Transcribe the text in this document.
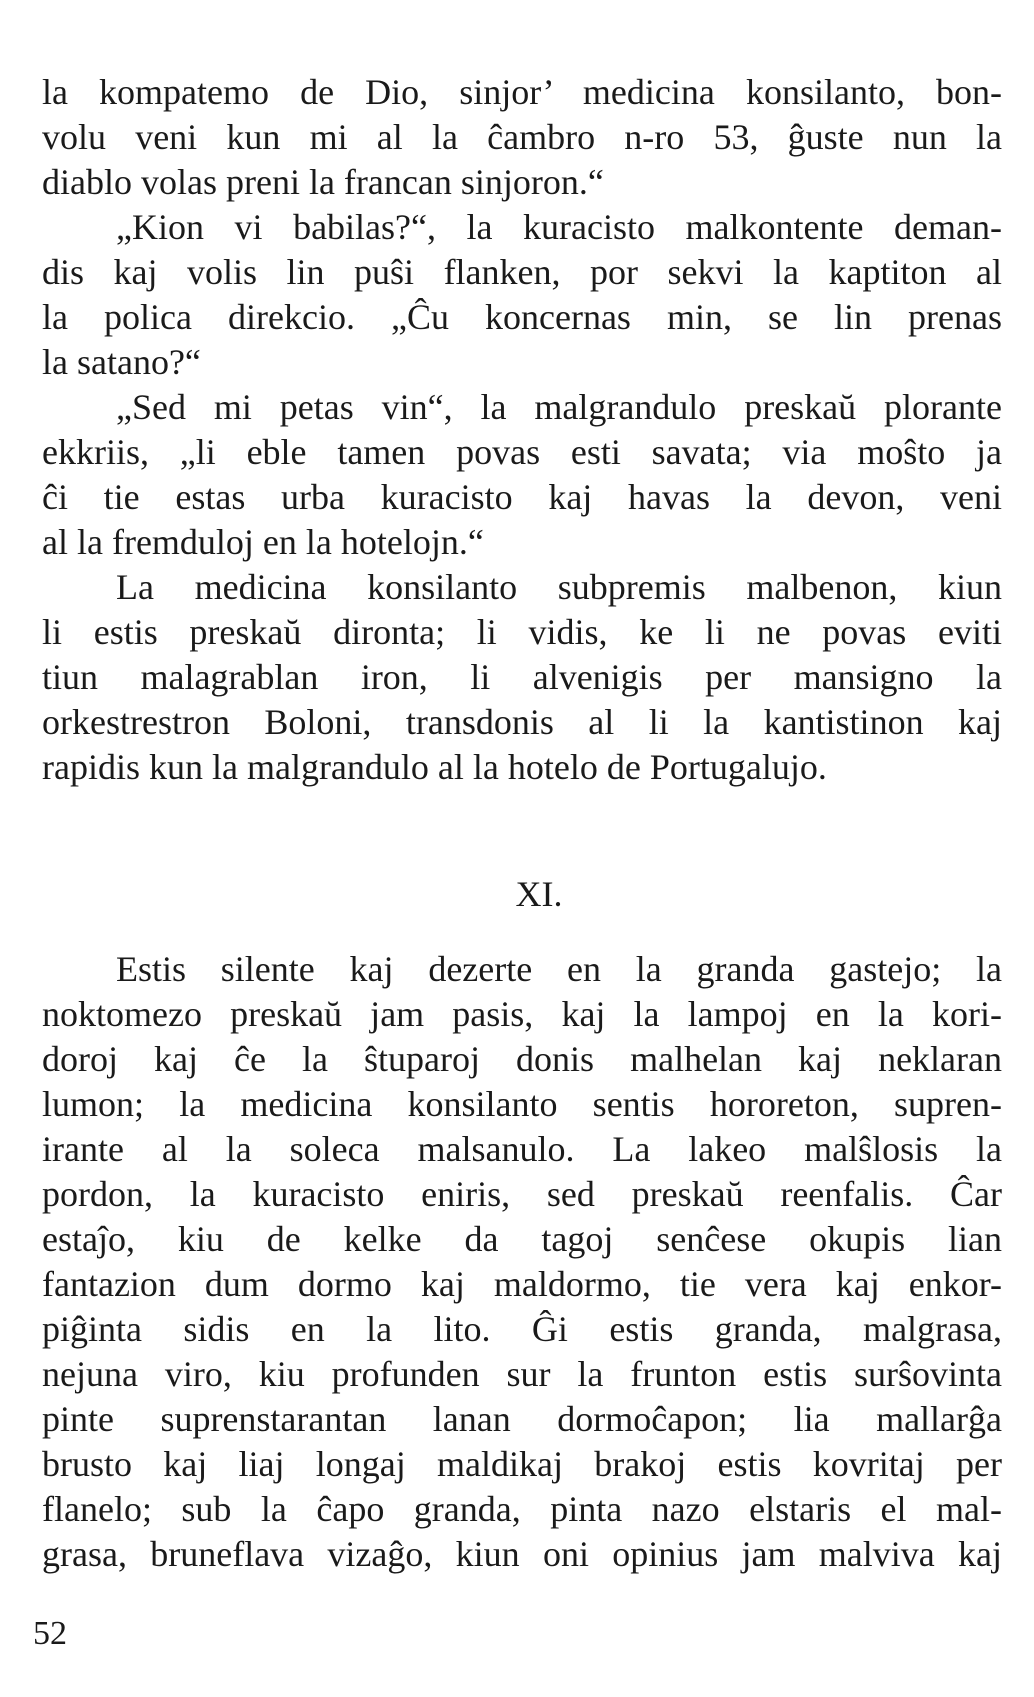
la kompatemo de Dio, sinjor’ medicina konsilanto, bon-
volu veni kun mi al la ĉambro n-ro 53, ĝuste nun la
diablo volas preni la francan sinjoron.“
„Kion vi babilas?“, la kuracisto malkontente deman-
dis kaj volis lin puŝi flanken, por sekvi la kaptiton al
la polica direkcio. „Ĉu koncernas min, se lin prenas
la satano?“
„Sed mi petas vin“, la malgrandulo preskaŭ plorante
ekkriis, „li eble tamen povas esti savata; via moŝto ja
ĉi tie estas urba kuracisto kaj havas la devon, veni
al la fremduloj en la hotelojn.“
La medicina konsilanto subpremis malbenon, kiun
li estis preskaŭ dironta; li vidis, ke li ne povas eviti
tiun malagrablan iron, li alvenigis per mansigno la
orkestrestron Boloni, transdonis al li la kantistinon kaj
rapidis kun la malgrandulo al la hotelo de Portugalujo.
XI.
Estis silente kaj dezerte en la granda gastejo; la
noktomezo preskaŭ jam pasis, kaj la lampoj en la kori-
doroj kaj ĉe la ŝtuparoj donis malhelan kaj neklaran
lumon; la medicina konsilanto sentis hororeton, supren-
irante al la soleca malsanulo. La lakeo malŝlosis la
pordon, la kuracisto eniris, sed preskaŭ reenfalis. Ĉar
estaĵo, kiu de kelke da tagoj senĉese okupis lian
fantazion dum dormo kaj maldormo, tie vera kaj enkor-
piĝinta sidis en la lito. Ĝi estis granda, malgrasa,
nejuna viro, kiu profunden sur la frunton estis surŝovinta
pinte suprenstarantan lanan dormoĉapon; lia mallarĝa
brusto kaj liaj longaj maldikaj brakoj estis kovritaj per
flanelo; sub la ĉapo granda, pinta nazo elstaris el mal-
grasa, bruneflava vizaĝo, kiun oni opinius jam malviva kaj
52
